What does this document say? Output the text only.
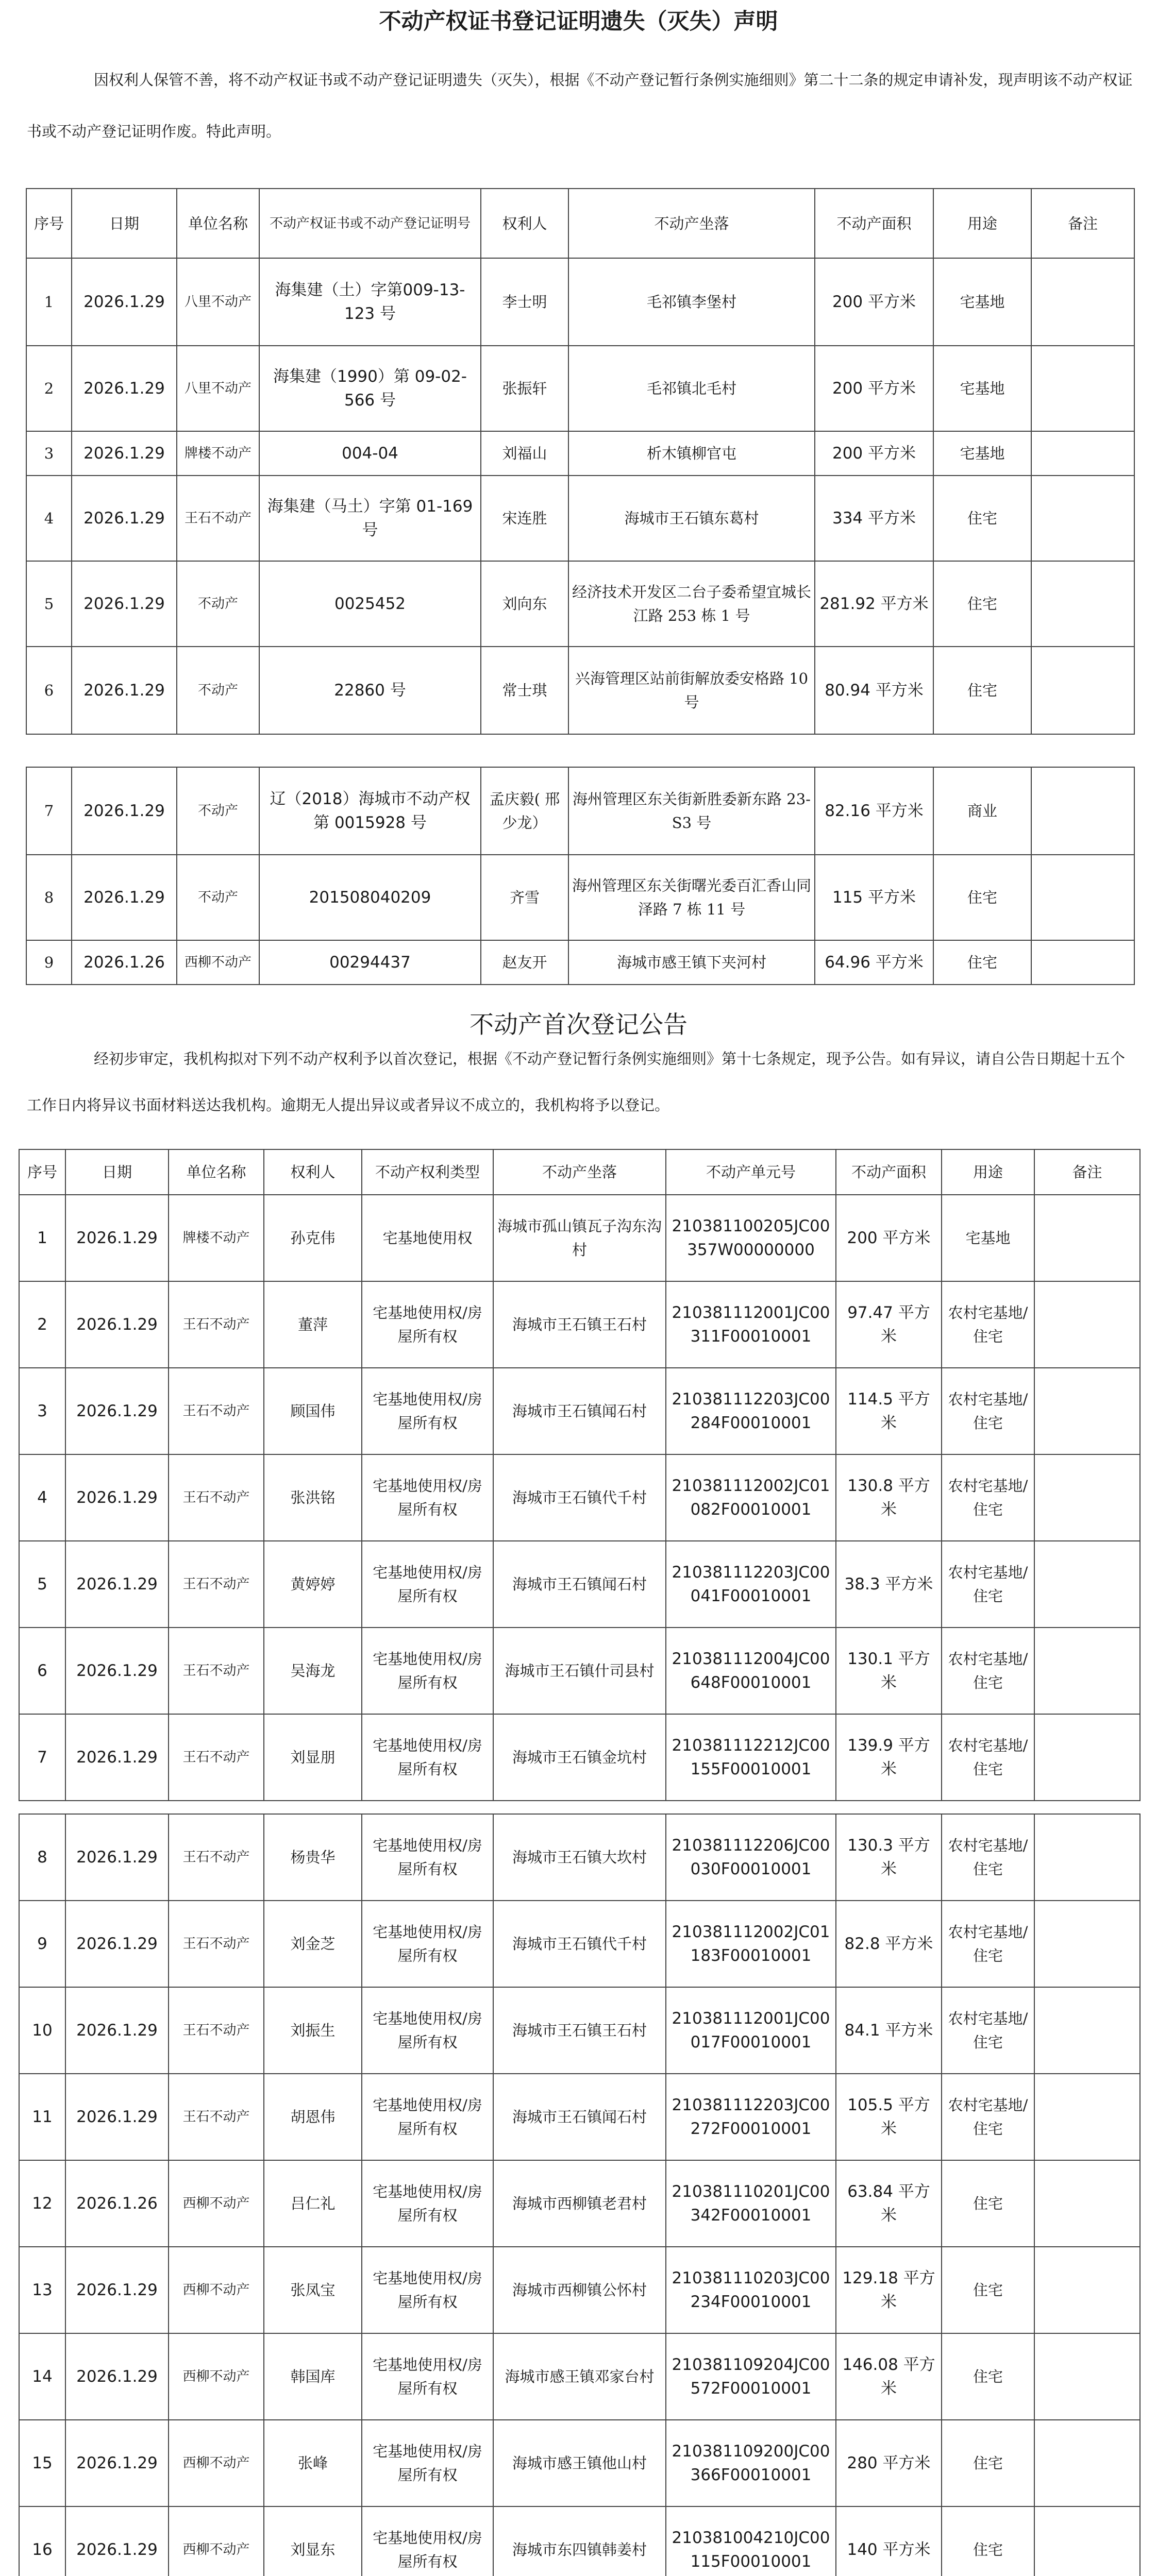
不动产权证书登记证明遗失（灭失）声明
因权利人保管不善，将不动产权证书或不动产登记证明遗失（灭失），根据《不动产登记暂行条例实施细则》第二十二条的规定申请补发，现声明该不动产权证书或不动产登记证明作废。特此声明。
序号	日期	单位名称	不动产权证书或不动产登记证明号	权利人	不动产坐落	不动产面积	用途	备注
1	2026.1.29	八里不动产	海集建（土）字第009-13-123 号	李士明	毛祁镇李堡村	200 平方米	宅基地	
2	2026.1.29	八里不动产	海集建（1990）第 09-02-566 号	张振轩	毛祁镇北毛村	200 平方米	宅基地	
3	2026.1.29	牌楼不动产	004-04	刘福山	析木镇柳官屯	200 平方米	宅基地	
4	2026.1.29	王石不动产	海集建（马土）字第 01-169 号	宋连胜	海城市王石镇东葛村	334 平方米	住宅	
5	2026.1.29	不动产	0025452	刘向东	经济技术开发区二台子委希望宜城长江路 253 栋 1 号	281.92 平方米	住宅	
6	2026.1.29	不动产	22860 号	常士琪	兴海管理区站前街解放委安格路 10 号	80.94 平方米	住宅	
7	2026.1.29	不动产	辽（2018）海城市不动产权第 0015928 号	孟庆毅( 邢少龙）	海州管理区东关街新胜委新东路 23-S3 号	82.16 平方米	商业	
8	2026.1.29	不动产	201508040209	齐雪	海州管理区东关街曙光委百汇香山同泽路 7 栋 11 号	115 平方米	住宅	
9	2026.1.26	西柳不动产	00294437	赵友开	海城市感王镇下夹河村	64.96 平方米	住宅	
不动产首次登记公告
经初步审定，我机构拟对下列不动产权利予以首次登记，根据《不动产登记暂行条例实施细则》第十七条规定，现予公告。如有异议，请自公告日期起十五个工作日内将异议书面材料送达我机构。逾期无人提出异议或者异议不成立的，我机构将予以登记。
序号	日期	单位名称	权利人	不动产权利类型	不动产坐落	不动产单元号	不动产面积	用途	备注
1	2026.1.29	牌楼不动产	孙克伟	宅基地使用权	海城市孤山镇瓦子沟东沟村	210381100205JC00357W00000000	200 平方米	宅基地	
2	2026.1.29	王石不动产	董萍	宅基地使用权/房屋所有权	海城市王石镇王石村	210381112001JC00311F00010001	97.47 平方米	农村宅基地/住宅	
3	2026.1.29	王石不动产	顾国伟	宅基地使用权/房屋所有权	海城市王石镇闻石村	210381112203JC00284F00010001	114.5 平方米	农村宅基地/住宅	
4	2026.1.29	王石不动产	张洪铭	宅基地使用权/房屋所有权	海城市王石镇代千村	210381112002JC01082F00010001	130.8 平方米	农村宅基地/住宅	
5	2026.1.29	王石不动产	黄婷婷	宅基地使用权/房屋所有权	海城市王石镇闻石村	210381112203JC00041F00010001	38.3 平方米	农村宅基地/住宅	
6	2026.1.29	王石不动产	吴海龙	宅基地使用权/房屋所有权	海城市王石镇什司县村	210381112004JC00648F00010001	130.1 平方米	农村宅基地/住宅	
7	2026.1.29	王石不动产	刘显朋	宅基地使用权/房屋所有权	海城市王石镇金坑村	210381112212JC00155F00010001	139.9 平方米	农村宅基地/住宅	
8	2026.1.29	王石不动产	杨贵华	宅基地使用权/房屋所有权	海城市王石镇大坎村	210381112206JC00030F00010001	130.3 平方米	农村宅基地/住宅	
9	2026.1.29	王石不动产	刘金芝	宅基地使用权/房屋所有权	海城市王石镇代千村	210381112002JC01183F00010001	82.8 平方米	农村宅基地/住宅	
10	2026.1.29	王石不动产	刘振生	宅基地使用权/房屋所有权	海城市王石镇王石村	210381112001JC00017F00010001	84.1 平方米	农村宅基地/住宅	
11	2026.1.29	王石不动产	胡恩伟	宅基地使用权/房屋所有权	海城市王石镇闻石村	210381112203JC00272F00010001	105.5 平方米	农村宅基地/住宅	
12	2026.1.26	西柳不动产	吕仁礼	宅基地使用权/房屋所有权	海城市西柳镇老君村	210381110201JC00342F00010001	63.84 平方米	住宅	
13	2026.1.29	西柳不动产	张凤宝	宅基地使用权/房屋所有权	海城市西柳镇公怀村	210381110203JC00234F00010001	129.18 平方米	住宅	
14	2026.1.29	西柳不动产	韩国库	宅基地使用权/房屋所有权	海城市感王镇邓家台村	210381109204JC00572F00010001	146.08 平方米	住宅	
15	2026.1.29	西柳不动产	张峰	宅基地使用权/房屋所有权	海城市感王镇他山村	210381109200JC00366F00010001	280 平方米	住宅	
16	2026.1.29	西柳不动产	刘显东	宅基地使用权/房屋所有权	海城市东四镇韩姜村	210381004210JC00115F00010001	140 平方米	住宅	
